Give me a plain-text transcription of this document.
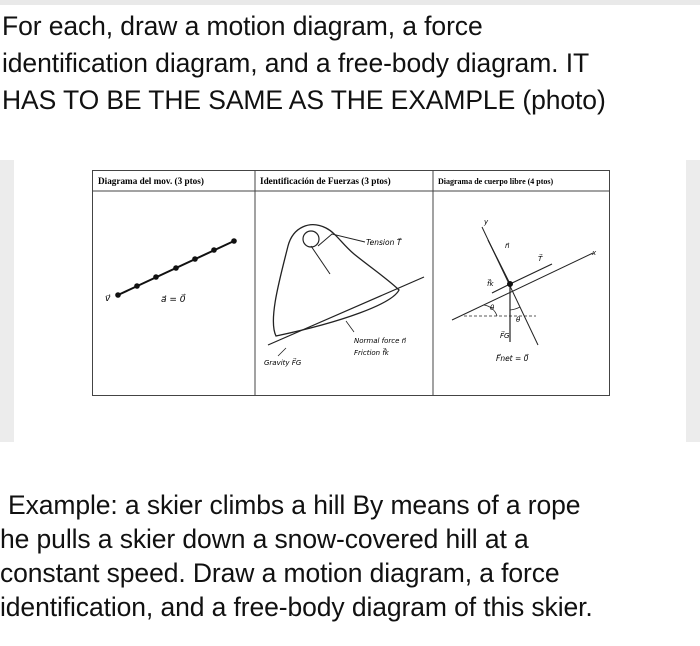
For each, draw a motion diagram, a force
identification diagram, and a free-body diagram. IT
HAS TO BE THE SAME AS THE EXAMPLE (photo)
Diagrama del mov. (3 ptos)	Identificación de Fuerzas (3 ptos)	Diagrama de cuerpo libre (4 ptos)
v⃗	a⃗ = 0⃗
Tension T⃗
Normal force n⃗
Friction f⃗k
Gravity F⃗G
y
x
n⃗
T⃗
f⃗k
F⃗G
θ
θ
F⃗net = 0⃗
Example: a skier climbs a hill By means of a rope
he pulls a skier down a snow-covered hill at a
constant speed. Draw a motion diagram, a force
identification, and a free-body diagram of this skier.
